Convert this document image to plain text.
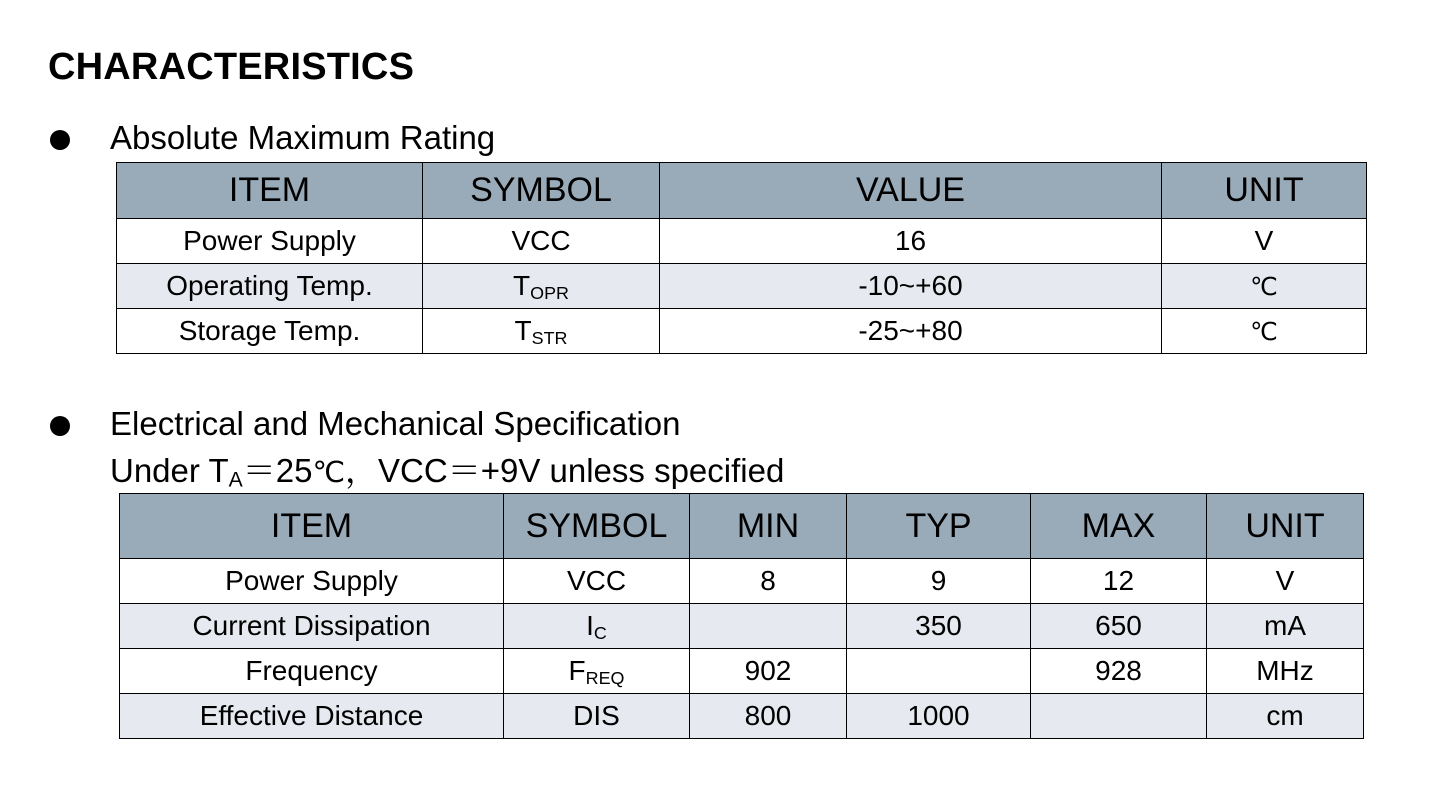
CHARACTERISTICS
Absolute Maximum Rating
ITEM	SYMBOL	VALUE	UNIT
Power Supply	VCC	16	V
Operating Temp.	$T_{OPR}$	-10~+60	℃
Storage Temp.	$T_{STR}$	-25~+80	℃
Electrical and Mechanical Specification
Under $T_A=25℃$，VCC＝+9V unless specified
ITEM	SYMBOL	MIN	TYP	MAX	UNIT
Power Supply	VCC	8	9	12	V
Current Dissipation	$I_C$		350	650	mA
Frequency	$F_{REQ}$	902		928	MHz
Effective Distance	DIS	800	1000		cm
